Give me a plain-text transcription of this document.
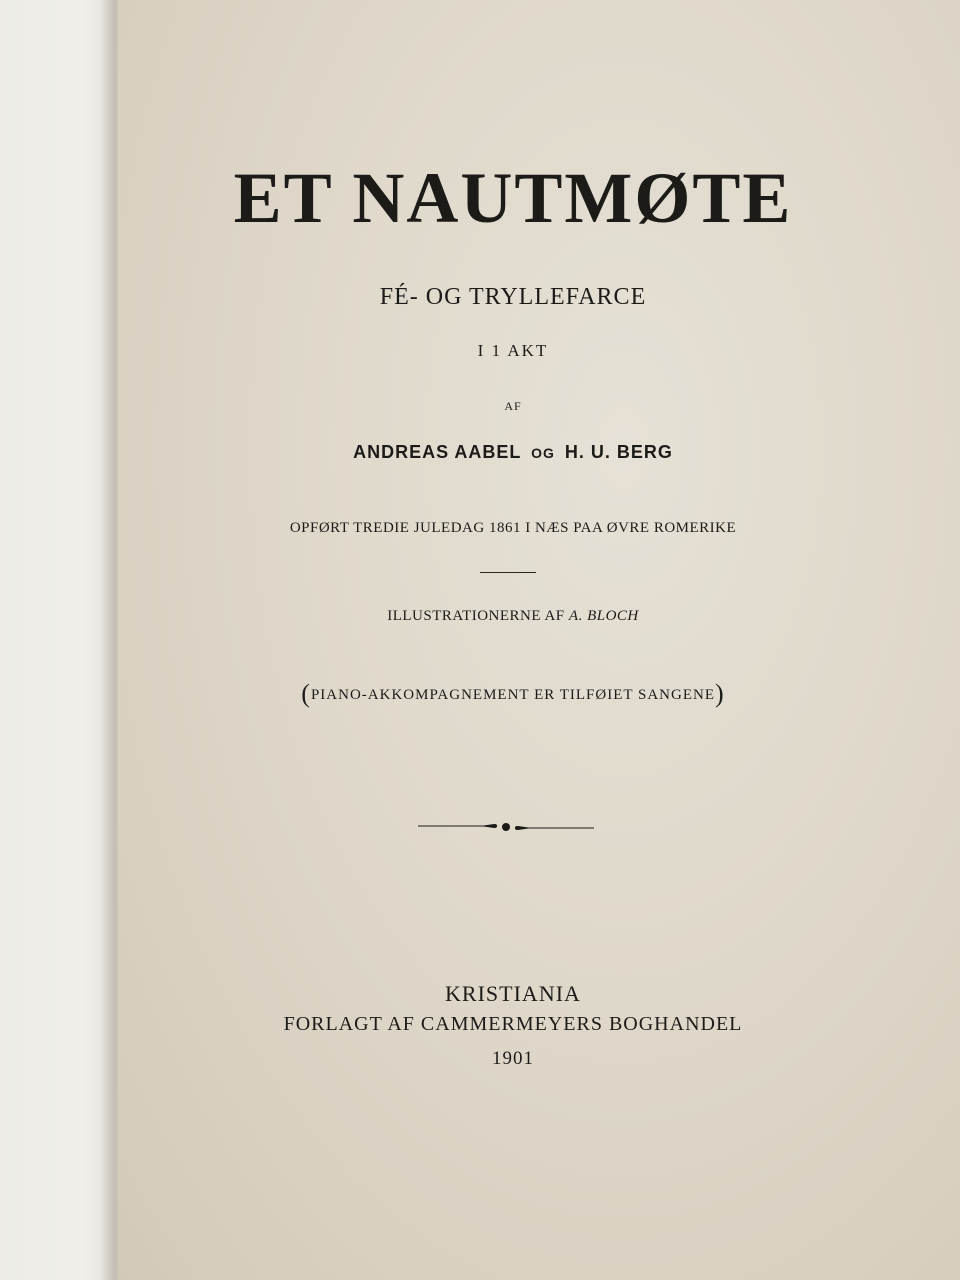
ET NAUTMØTE
FÉ- OG TRYLLEFARCE
I 1 AKT
AF
ANDREAS AABEL OG H. U. BERG
OPFØRT TREDIE JULEDAG 1861 I NÆS PAA ØVRE ROMERIKE
ILLUSTRATIONERNE AF A. BLOCH
(PIANO-AKKOMPAGNEMENT ER TILFØIET SANGENE)
KRISTIANIA
FORLAGT AF CAMMERMEYERS BOGHANDEL
1901
